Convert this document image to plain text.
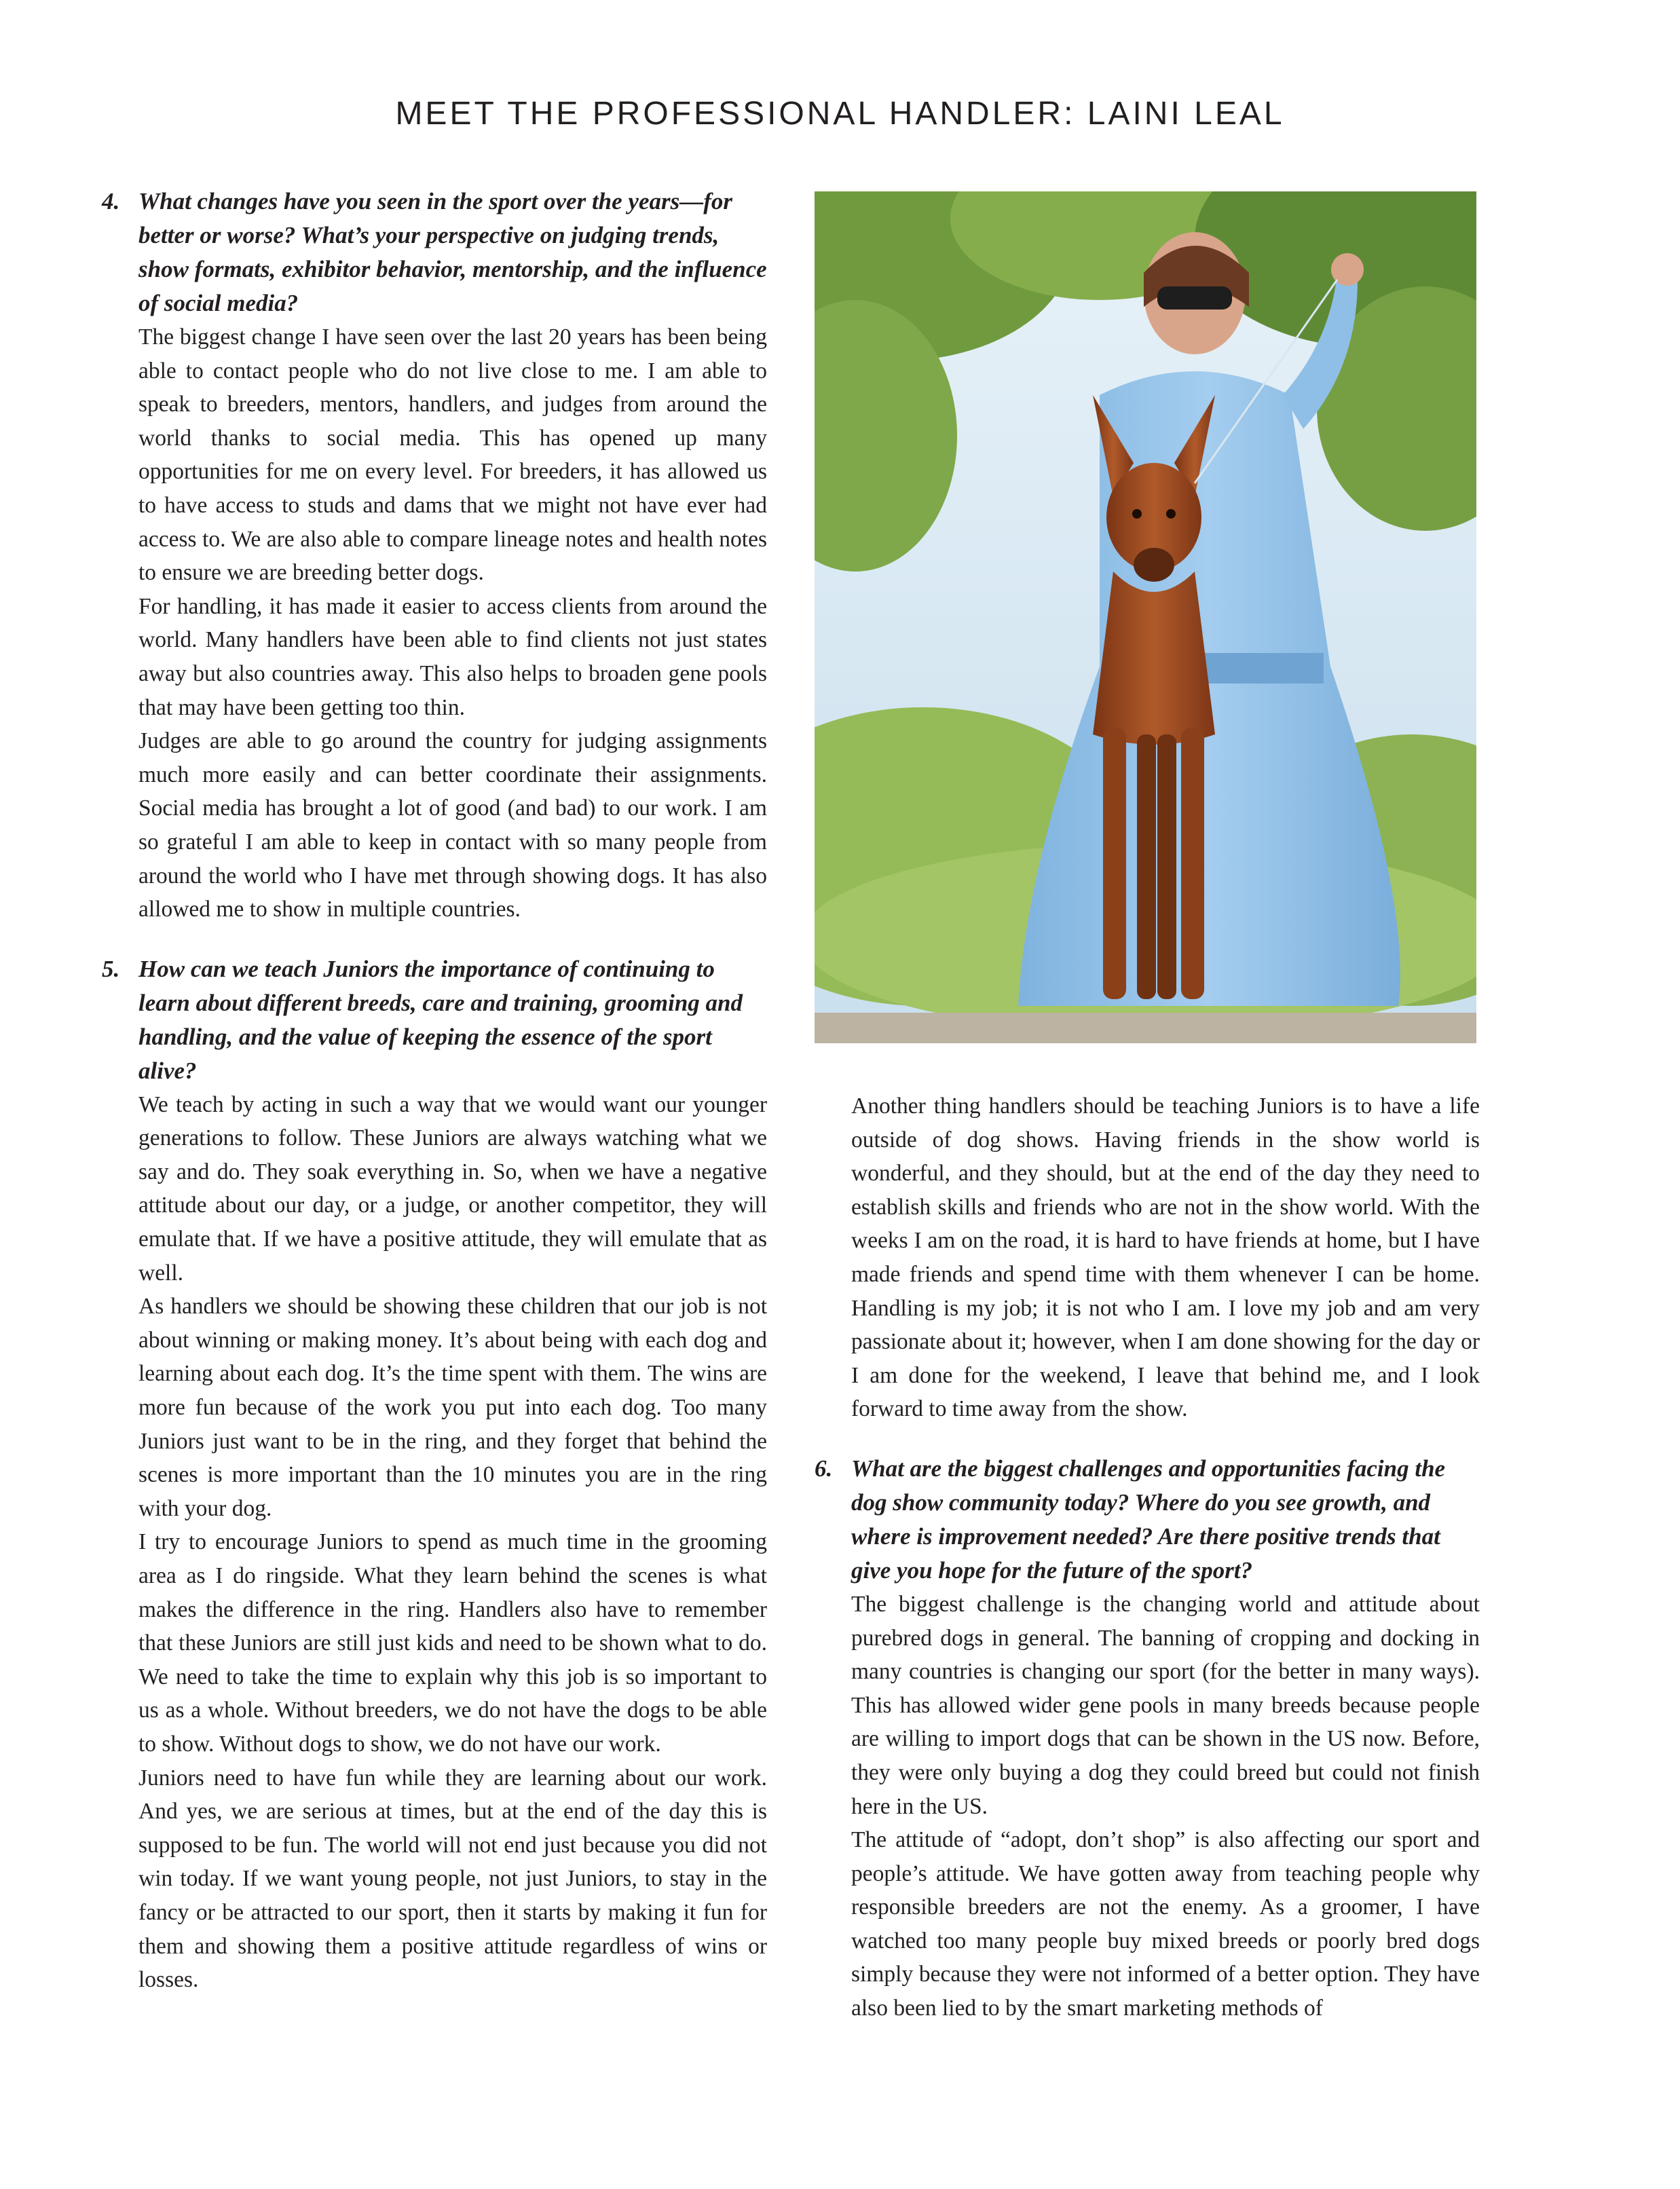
MEET THE PROFESSIONAL HANDLER: LAINI LEAL

4. What changes have you seen in the sport over the years—for better or worse? What’s your perspective on judging trends, show formats, exhibitor behavior, mentorship, and the influence of social media?

The biggest change I have seen over the last 20 years has been being able to contact people who do not live close to me. I am able to speak to breeders, mentors, handlers, and judges from around the world thanks to social media. This has opened up many opportunities for me on every level. For breeders, it has allowed us to have access to studs and dams that we might not have ever had access to. We are also able to compare lineage notes and health notes to ensure we are breeding better dogs.

For handling, it has made it easier to access clients from around the world. Many handlers have been able to find clients not just states away but also countries away. This also helps to broaden gene pools that may have been getting too thin.

Judges are able to go around the country for judging assignments much more easily and can better coordinate their assignments. Social media has brought a lot of good (and bad) to our work. I am so grateful I am able to keep in contact with so many people from around the world who I have met through showing dogs. It has also allowed me to show in multiple countries.

5. How can we teach Juniors the importance of continuing to learn about different breeds, care and training, grooming and handling, and the value of keeping the essence of the sport alive?

We teach by acting in such a way that we would want our younger generations to follow. These Juniors are always watching what we say and do. They soak everything in. So, when we have a negative attitude about our day, or a judge, or another competitor, they will emulate that. If we have a positive attitude, they will emulate that as well.

As handlers we should be showing these children that our job is not about winning or making money. It’s about being with each dog and learning about each dog. It’s the time spent with them. The wins are more fun because of the work you put into each dog. Too many Juniors just want to be in the ring, and they forget that behind the scenes is more important than the 10 minutes you are in the ring with your dog.

I try to encourage Juniors to spend as much time in the grooming area as I do ringside. What they learn behind the scenes is what makes the difference in the ring. Handlers also have to remember that these Juniors are still just kids and need to be shown what to do. We need to take the time to explain why this job is so important to us as a whole. Without breeders, we do not have the dogs to be able to show. Without dogs to show, we do not have our work.

Juniors need to have fun while they are learning about our work. And yes, we are serious at times, but at the end of the day this is supposed to be fun. The world will not end just because you did not win today. If we want young people, not just Juniors, to stay in the fancy or be attracted to our sport, then it starts by making it fun for them and showing them a positive attitude regardless of wins or losses.

Another thing handlers should be teaching Juniors is to have a life outside of dog shows. Having friends in the show world is wonderful, and they should, but at the end of the day they need to establish skills and friends who are not in the show world. With the weeks I am on the road, it is hard to have friends at home, but I have made friends and spend time with them whenever I can be home. Handling is my job; it is not who I am. I love my job and am very passionate about it; however, when I am done showing for the day or I am done for the weekend, I leave that behind me, and I look forward to time away from the show.

6. What are the biggest challenges and opportunities facing the dog show community today? Where do you see growth, and where is improvement needed? Are there positive trends that give you hope for the future of the sport?

The biggest challenge is the changing world and attitude about purebred dogs in general. The banning of cropping and docking in many countries is changing our sport (for the better in many ways). This has allowed wider gene pools in many breeds because people are willing to import dogs that can be shown in the US now. Before, they were only buying a dog they could breed but could not finish here in the US.

The attitude of “adopt, don’t shop” is also affecting our sport and people’s attitude. We have gotten away from teaching people why responsible breeders are not the enemy. As a groomer, I have watched too many people buy mixed breeds or poorly bred dogs simply because they were not informed of a better option. They have also been lied to by the smart marketing methods of
